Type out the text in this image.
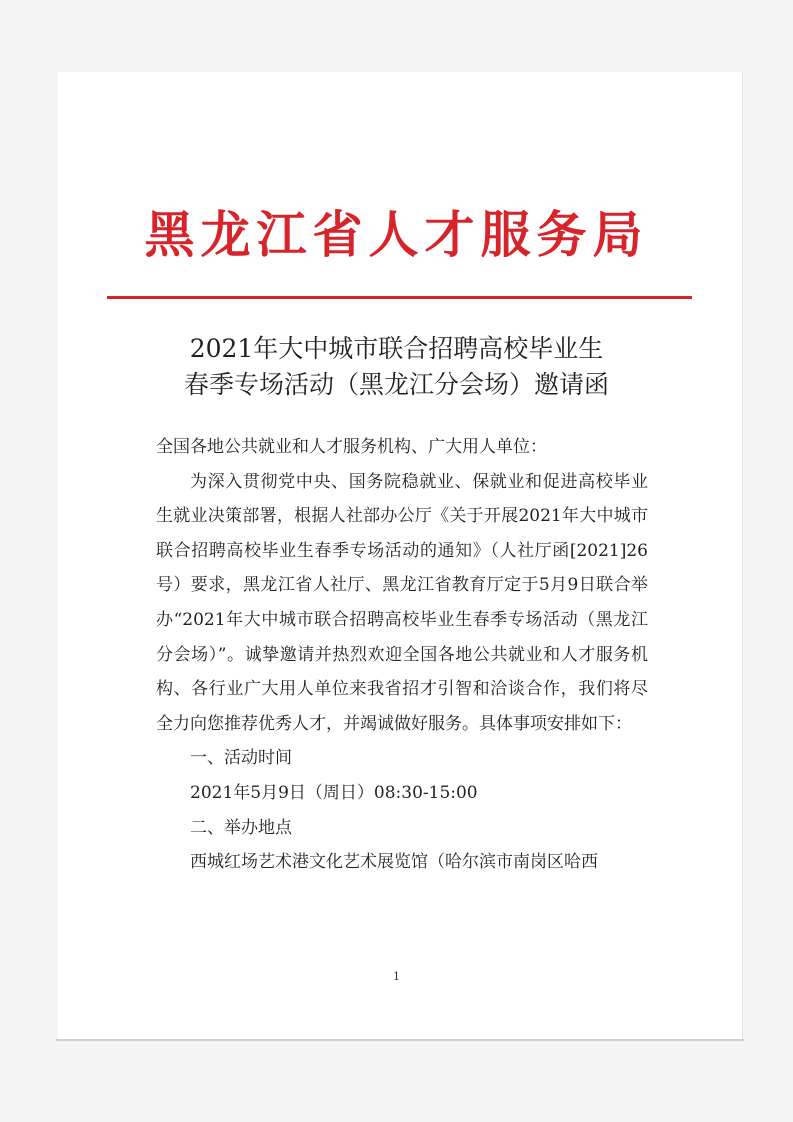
黑龙江省人才服务局
2021年大中城市联合招聘高校毕业生
春季专场活动（黑龙江分会场）邀请函

全国各地公共就业和人才服务机构、广大用人单位：

为深入贯彻党中央、国务院稳就业、保就业和促进高校毕业生就业决策部署，根据人社部办公厅《关于开展2021年大中城市联合招聘高校毕业生春季专场活动的通知》（人社厅函[2021]26号）要求，黑龙江省人社厅、黑龙江省教育厅定于5月9日联合举办“2021年大中城市联合招聘高校毕业生春季专场活动（黑龙江分会场）”。诚挚邀请并热烈欢迎全国各地公共就业和人才服务机构、各行业广大用人单位来我省招才引智和洽谈合作，我们将尽全力向您推荐优秀人才，并竭诚做好服务。具体事项安排如下：

一、活动时间

2021年5月9日（周日）08:30-15:00

二、举办地点

西城红场艺术港文化艺术展览馆（哈尔滨市南岗区哈西

1
